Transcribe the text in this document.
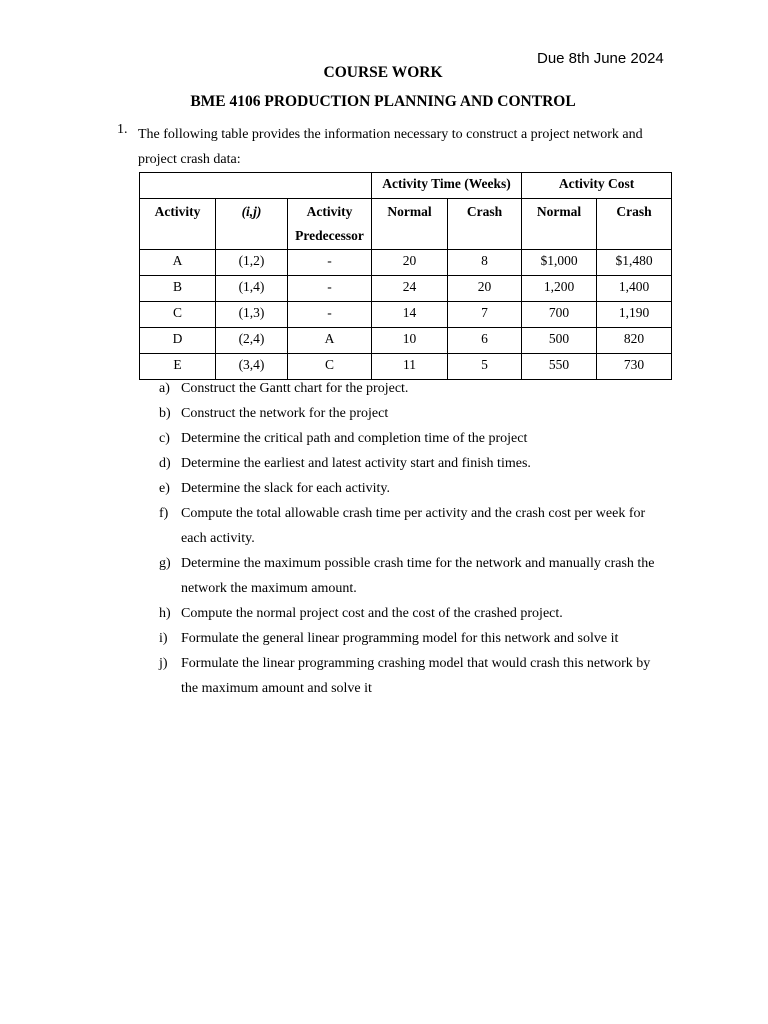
Due 8th June 2024
COURSE WORK
BME 4106 PRODUCTION PLANNING AND CONTROL
1. The following table provides the information necessary to construct a project network and project crash data:
			Activity Time (Weeks)		Activity Cost	
Activity	(i,j)	Activity Predecessor	Normal	Crash	Normal	Crash
A	(1,2)	-	20	8	$1,000	$1,480
B	(1,4)	-	24	20	1,200	1,400
C	(1,3)	-	14	7	700	1,190
D	(2,4)	A	10	6	500	820
E	(3,4)	C	11	5	550	730
a) Construct the Gantt chart for the project.
b) Construct the network for the project
c) Determine the critical path and completion time of the project
d) Determine the earliest and latest activity start and finish times.
e) Determine the slack for each activity.
f) Compute the total allowable crash time per activity and the crash cost per week for each activity.
g) Determine the maximum possible crash time for the network and manually crash the network the maximum amount.
h) Compute the normal project cost and the cost of the crashed project.
i) Formulate the general linear programming model for this network and solve it
j) Formulate the linear programming crashing model that would crash this network by the maximum amount and solve it
